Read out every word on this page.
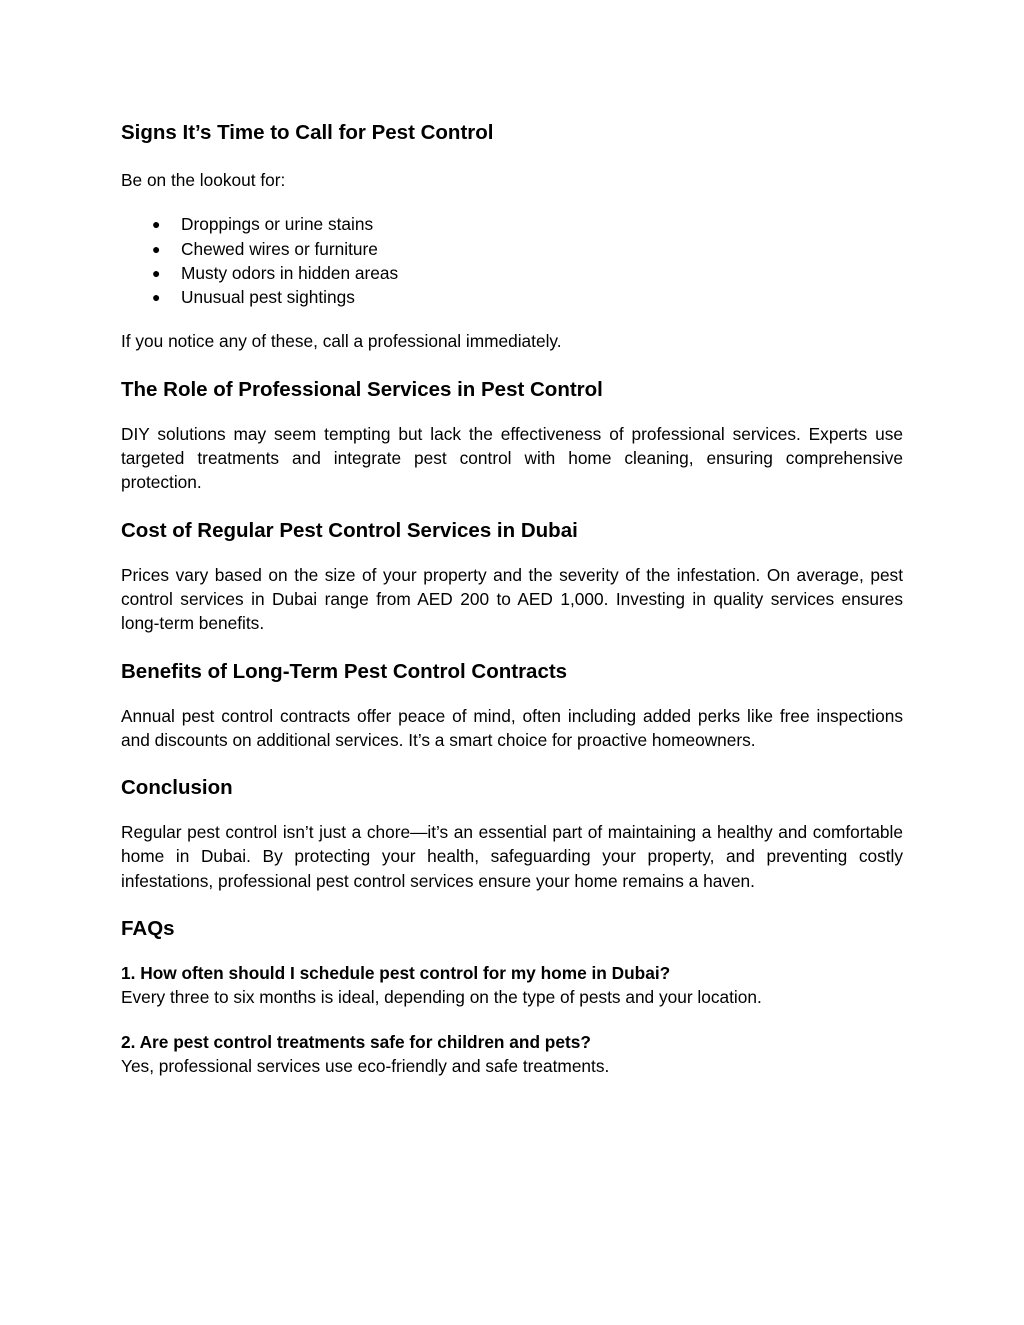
Signs It’s Time to Call for Pest Control

Be on the lookout for:

● Droppings or urine stains
● Chewed wires or furniture
● Musty odors in hidden areas
● Unusual pest sightings

If you notice any of these, call a professional immediately.

The Role of Professional Services in Pest Control

DIY solutions may seem tempting but lack the effectiveness of professional services. Experts use targeted treatments and integrate pest control with home cleaning, ensuring comprehensive protection.

Cost of Regular Pest Control Services in Dubai

Prices vary based on the size of your property and the severity of the infestation. On average, pest control services in Dubai range from AED 200 to AED 1,000. Investing in quality services ensures long-term benefits.

Benefits of Long-Term Pest Control Contracts

Annual pest control contracts offer peace of mind, often including added perks like free inspections and discounts on additional services. It’s a smart choice for proactive homeowners.

Conclusion

Regular pest control isn’t just a chore—it’s an essential part of maintaining a healthy and comfortable home in Dubai. By protecting your health, safeguarding your property, and preventing costly infestations, professional pest control services ensure your home remains a haven.

FAQs
1. How often should I schedule pest control for my home in Dubai?
Every three to six months is ideal, depending on the type of pests and your location.
2. Are pest control treatments safe for children and pets?
Yes, professional services use eco-friendly and safe treatments.
